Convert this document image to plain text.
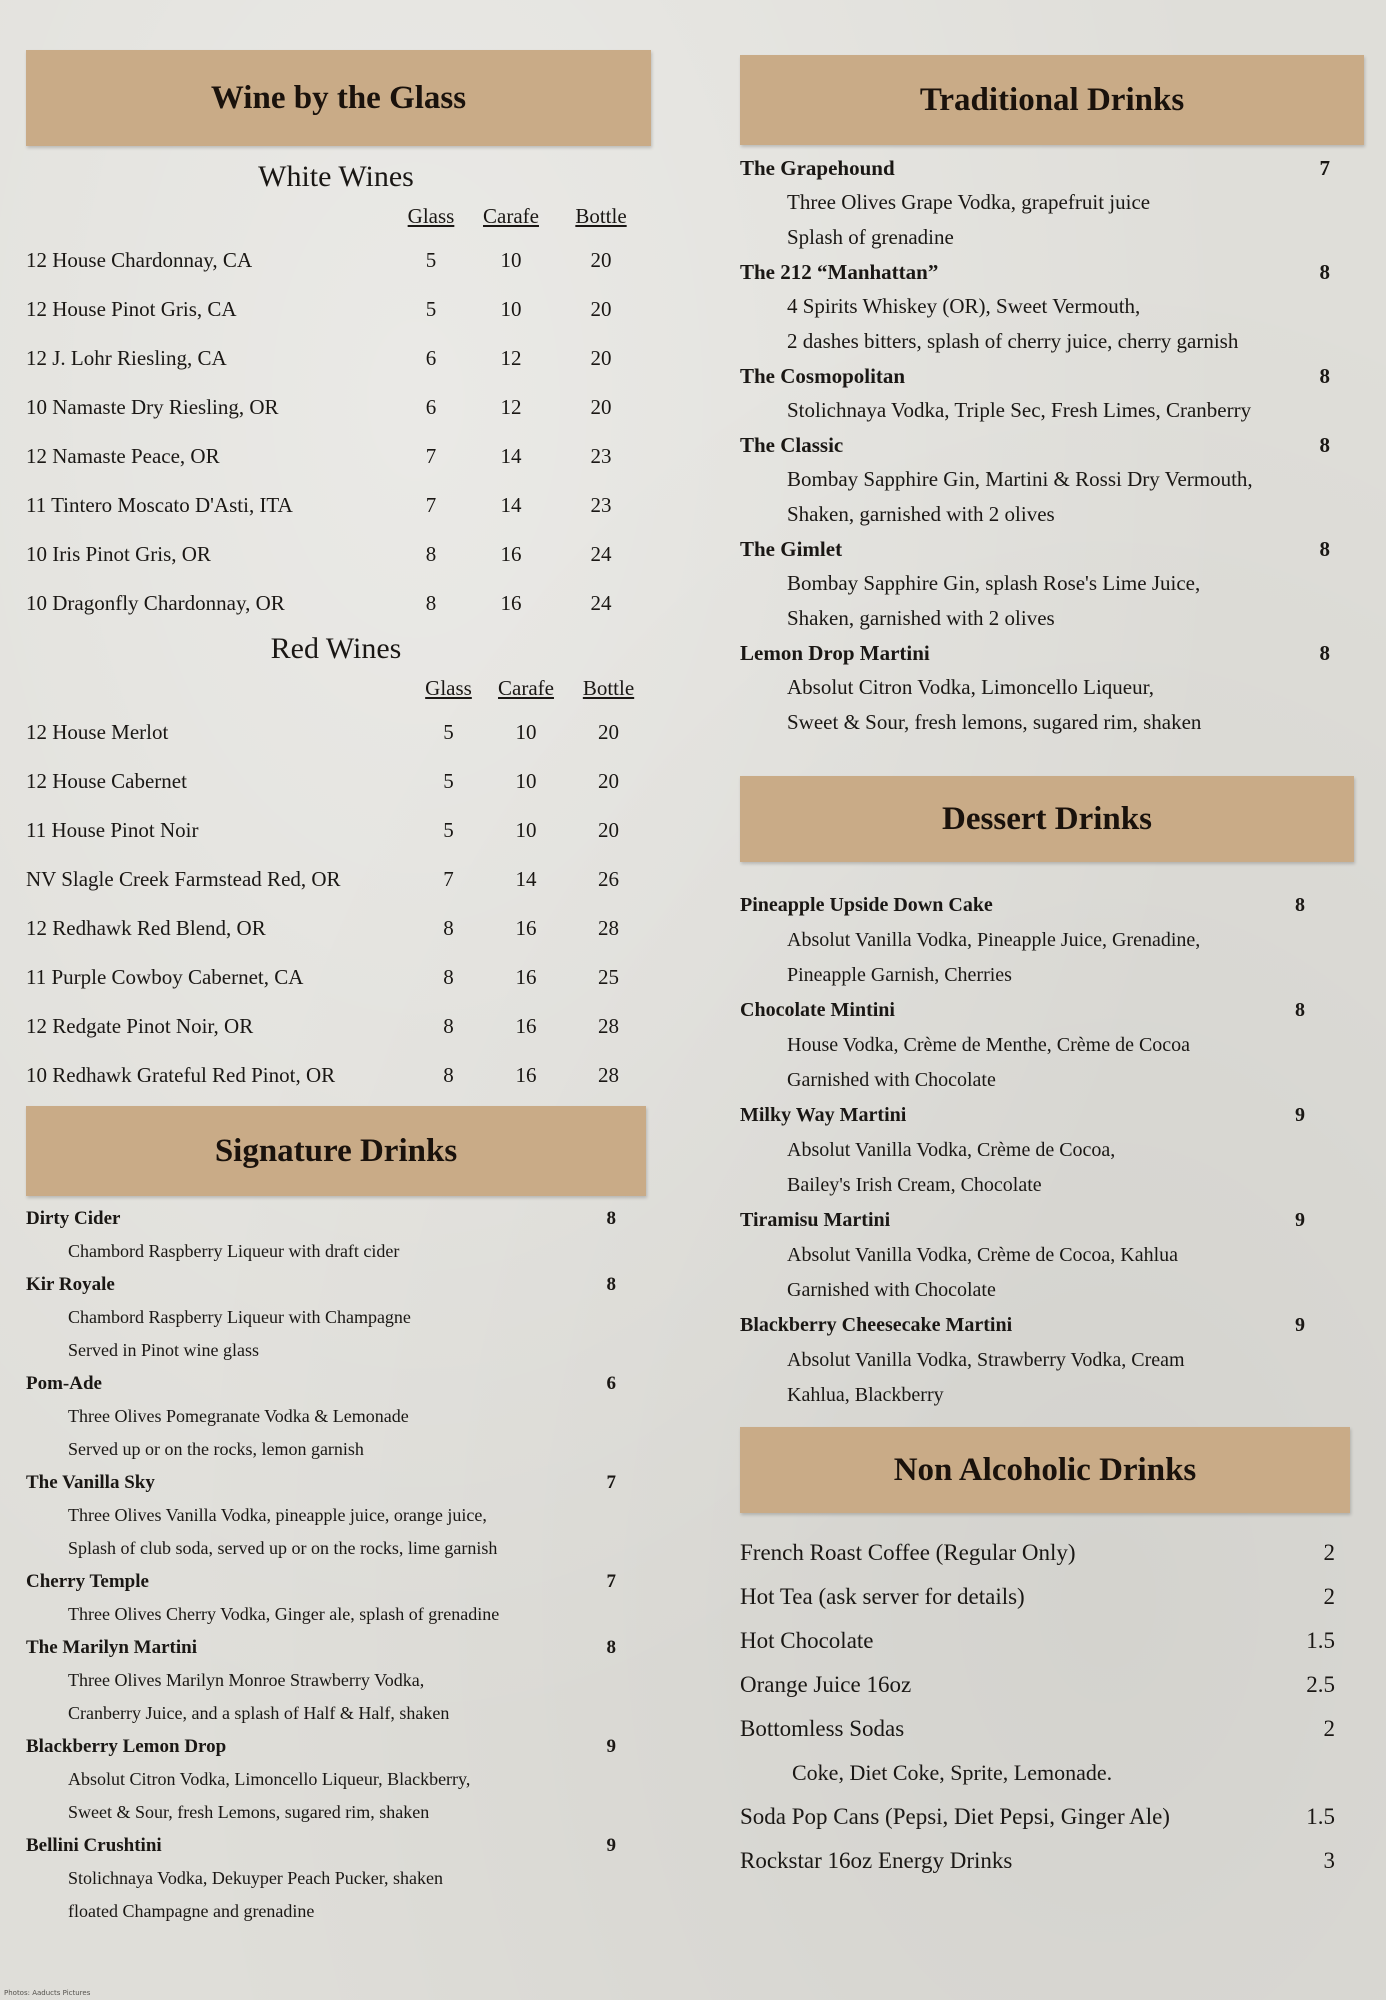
Wine by the Glass

White Wines

Glass	Carafe	Bottle
12 House Chardonnay, CA	5	10	20
12 House Pinot Gris, CA	5	10	20
12 J. Lohr Riesling, CA	6	12	20
10 Namaste Dry Riesling, OR	6	12	20
12 Namaste Peace, OR	7	14	23
11 Tintero Moscato D'Asti, ITA	7	14	23
10 Iris Pinot Gris, OR	8	16	24
10 Dragonfly Chardonnay, OR	8	16	24

Red Wines

Glass	Carafe	Bottle
12 House Merlot	5	10	20
12 House Cabernet	5	10	20
11 House Pinot Noir	5	10	20
NV Slagle Creek Farmstead Red, OR	7	14	26
12 Redhawk Red Blend, OR	8	16	28
11 Purple Cowboy Cabernet, CA	8	16	25
12 Redgate Pinot Noir, OR	8	16	28
10 Redhawk Grateful Red Pinot, OR	8	16	28
Signature Drinks
Dirty Cider	8
Chambord Raspberry Liqueur with draft cider
Kir Royale	8
Chambord Raspberry Liqueur with Champagne
Served in Pinot wine glass
Pom-Ade	6
Three Olives Pomegranate Vodka & Lemonade
Served up or on the rocks, lemon garnish
The Vanilla Sky	7
Three Olives Vanilla Vodka, pineapple juice, orange juice,
Splash of club soda, served up or on the rocks, lime garnish
Cherry Temple	7
Three Olives Cherry Vodka, Ginger ale, splash of grenadine
The Marilyn Martini	8
Three Olives Marilyn Monroe Strawberry Vodka,
Cranberry Juice, and a splash of Half & Half, shaken
Blackberry Lemon Drop	9
Absolut Citron Vodka, Limoncello Liqueur, Blackberry,
Sweet & Sour, fresh Lemons, sugared rim, shaken
Bellini Crushtini	9
Stolichnaya Vodka, Dekuyper Peach Pucker, shaken
floated Champagne and grenadine
Traditional Drinks
The Grapehound	7
Three Olives Grape Vodka, grapefruit juice
Splash of grenadine
The 212 “Manhattan”	8
4 Spirits Whiskey (OR), Sweet Vermouth,
2 dashes bitters, splash of cherry juice, cherry garnish
The Cosmopolitan	8
Stolichnaya Vodka, Triple Sec, Fresh Limes, Cranberry
The Classic	8
Bombay Sapphire Gin, Martini & Rossi Dry Vermouth,
Shaken, garnished with 2 olives
The Gimlet	8
Bombay Sapphire Gin, splash Rose's Lime Juice,
Shaken, garnished with 2 olives
Lemon Drop Martini	8
Absolut Citron Vodka, Limoncello Liqueur,
Sweet & Sour, fresh lemons, sugared rim, shaken
Dessert Drinks
Pineapple Upside Down Cake	8
Absolut Vanilla Vodka, Pineapple Juice, Grenadine,
Pineapple Garnish, Cherries
Chocolate Mintini	8
House Vodka, Crème de Menthe, Crème de Cocoa
Garnished with Chocolate
Milky Way Martini	9
Absolut Vanilla Vodka, Crème de Cocoa,
Bailey's Irish Cream, Chocolate
Tiramisu Martini	9
Absolut Vanilla Vodka, Crème de Cocoa, Kahlua
Garnished with Chocolate
Blackberry Cheesecake Martini	9
Absolut Vanilla Vodka, Strawberry Vodka, Cream
Kahlua, Blackberry
Non Alcoholic Drinks
French Roast Coffee (Regular Only)	2
Hot Tea (ask server for details)	2
Hot Chocolate	1.5
Orange Juice 16oz	2.5
Bottomless Sodas	2
Coke, Diet Coke, Sprite, Lemonade.
Soda Pop Cans (Pepsi, Diet Pepsi, Ginger Ale)	1.5
Rockstar 16oz Energy Drinks	3
Photos: Aaducts Pictures
